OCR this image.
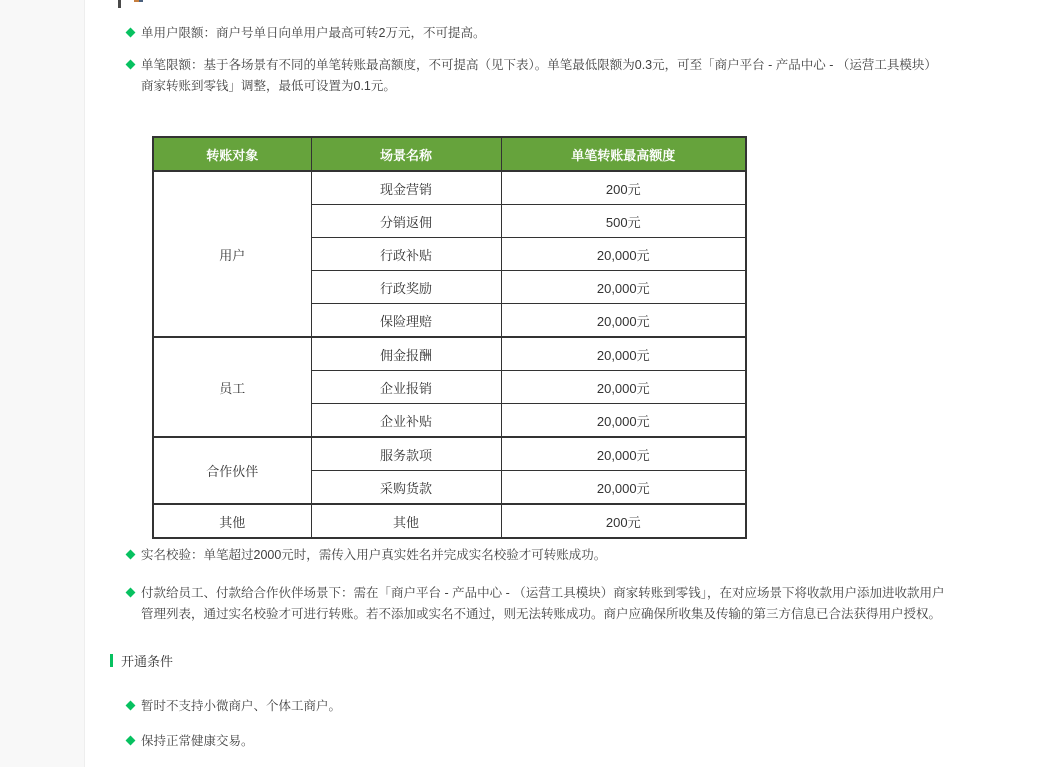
单用户限额：商户号单日向单用户最高可转2万元，不可提高。
单笔限额：基于各场景有不同的单笔转账最高额度，不可提高（见下表）。单笔最低限额为0.3元，可至「商户平台 - 产品中心 - （运营工具模块）
商家转账到零钱」调整，最低可设置为0.1元。
转账对象	场景名称	单笔转账最高额度
用户	现金营销	200元
	分销返佣	500元
	行政补贴	20,000元
	行政奖励	20,000元
	保险理赔	20,000元
员工	佣金报酬	20,000元
	企业报销	20,000元
	企业补贴	20,000元
合作伙伴	服务款项	20,000元
	采购货款	20,000元
其他	其他	200元
实名校验：单笔超过2000元时，需传入用户真实姓名并完成实名校验才可转账成功。
付款给员工、付款给合作伙伴场景下：需在「商户平台 - 产品中心 - （运营工具模块）商家转账到零钱」，在对应场景下将收款用户添加进收款用户
管理列表，通过实名校验才可进行转账。若不添加或实名不通过，则无法转账成功。商户应确保所收集及传输的第三方信息已合法获得用户授权。
开通条件
暂时不支持小微商户、个体工商户。
保持正常健康交易。
